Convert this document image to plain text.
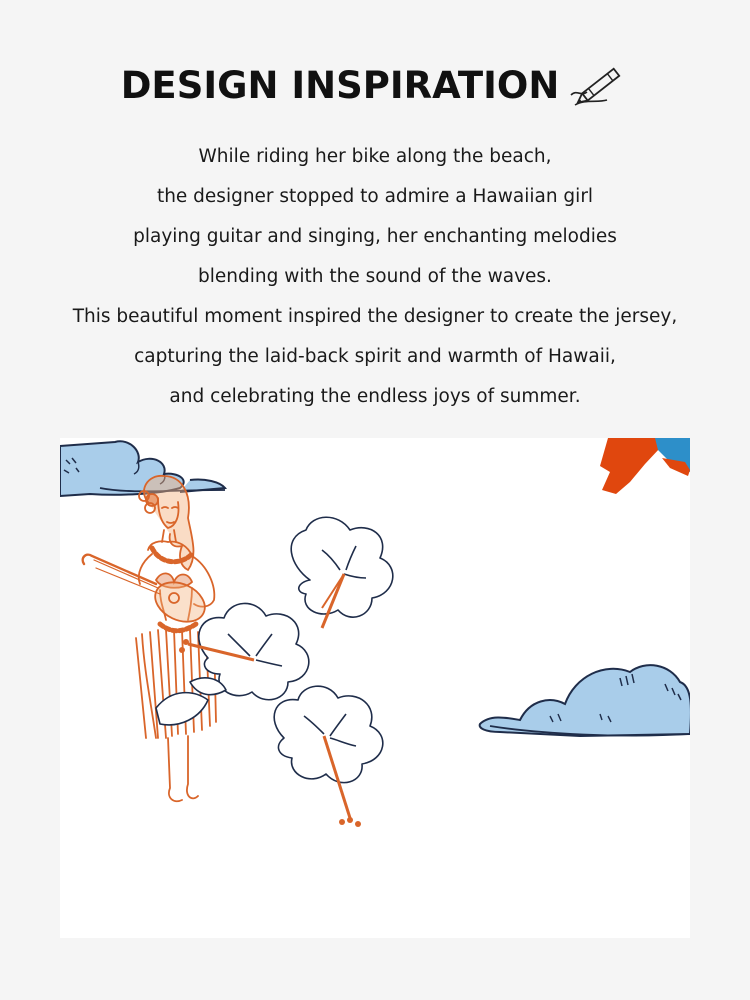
DESIGN INSPIRATION
While riding her bike along the beach,
the designer stopped to admire a Hawaiian girl
playing guitar and singing, her enchanting melodies
blending with the sound of the waves.
This beautiful moment inspired the designer to create the jersey,
capturing the laid-back spirit and warmth of Hawaii,
and celebrating the endless joys of summer.
